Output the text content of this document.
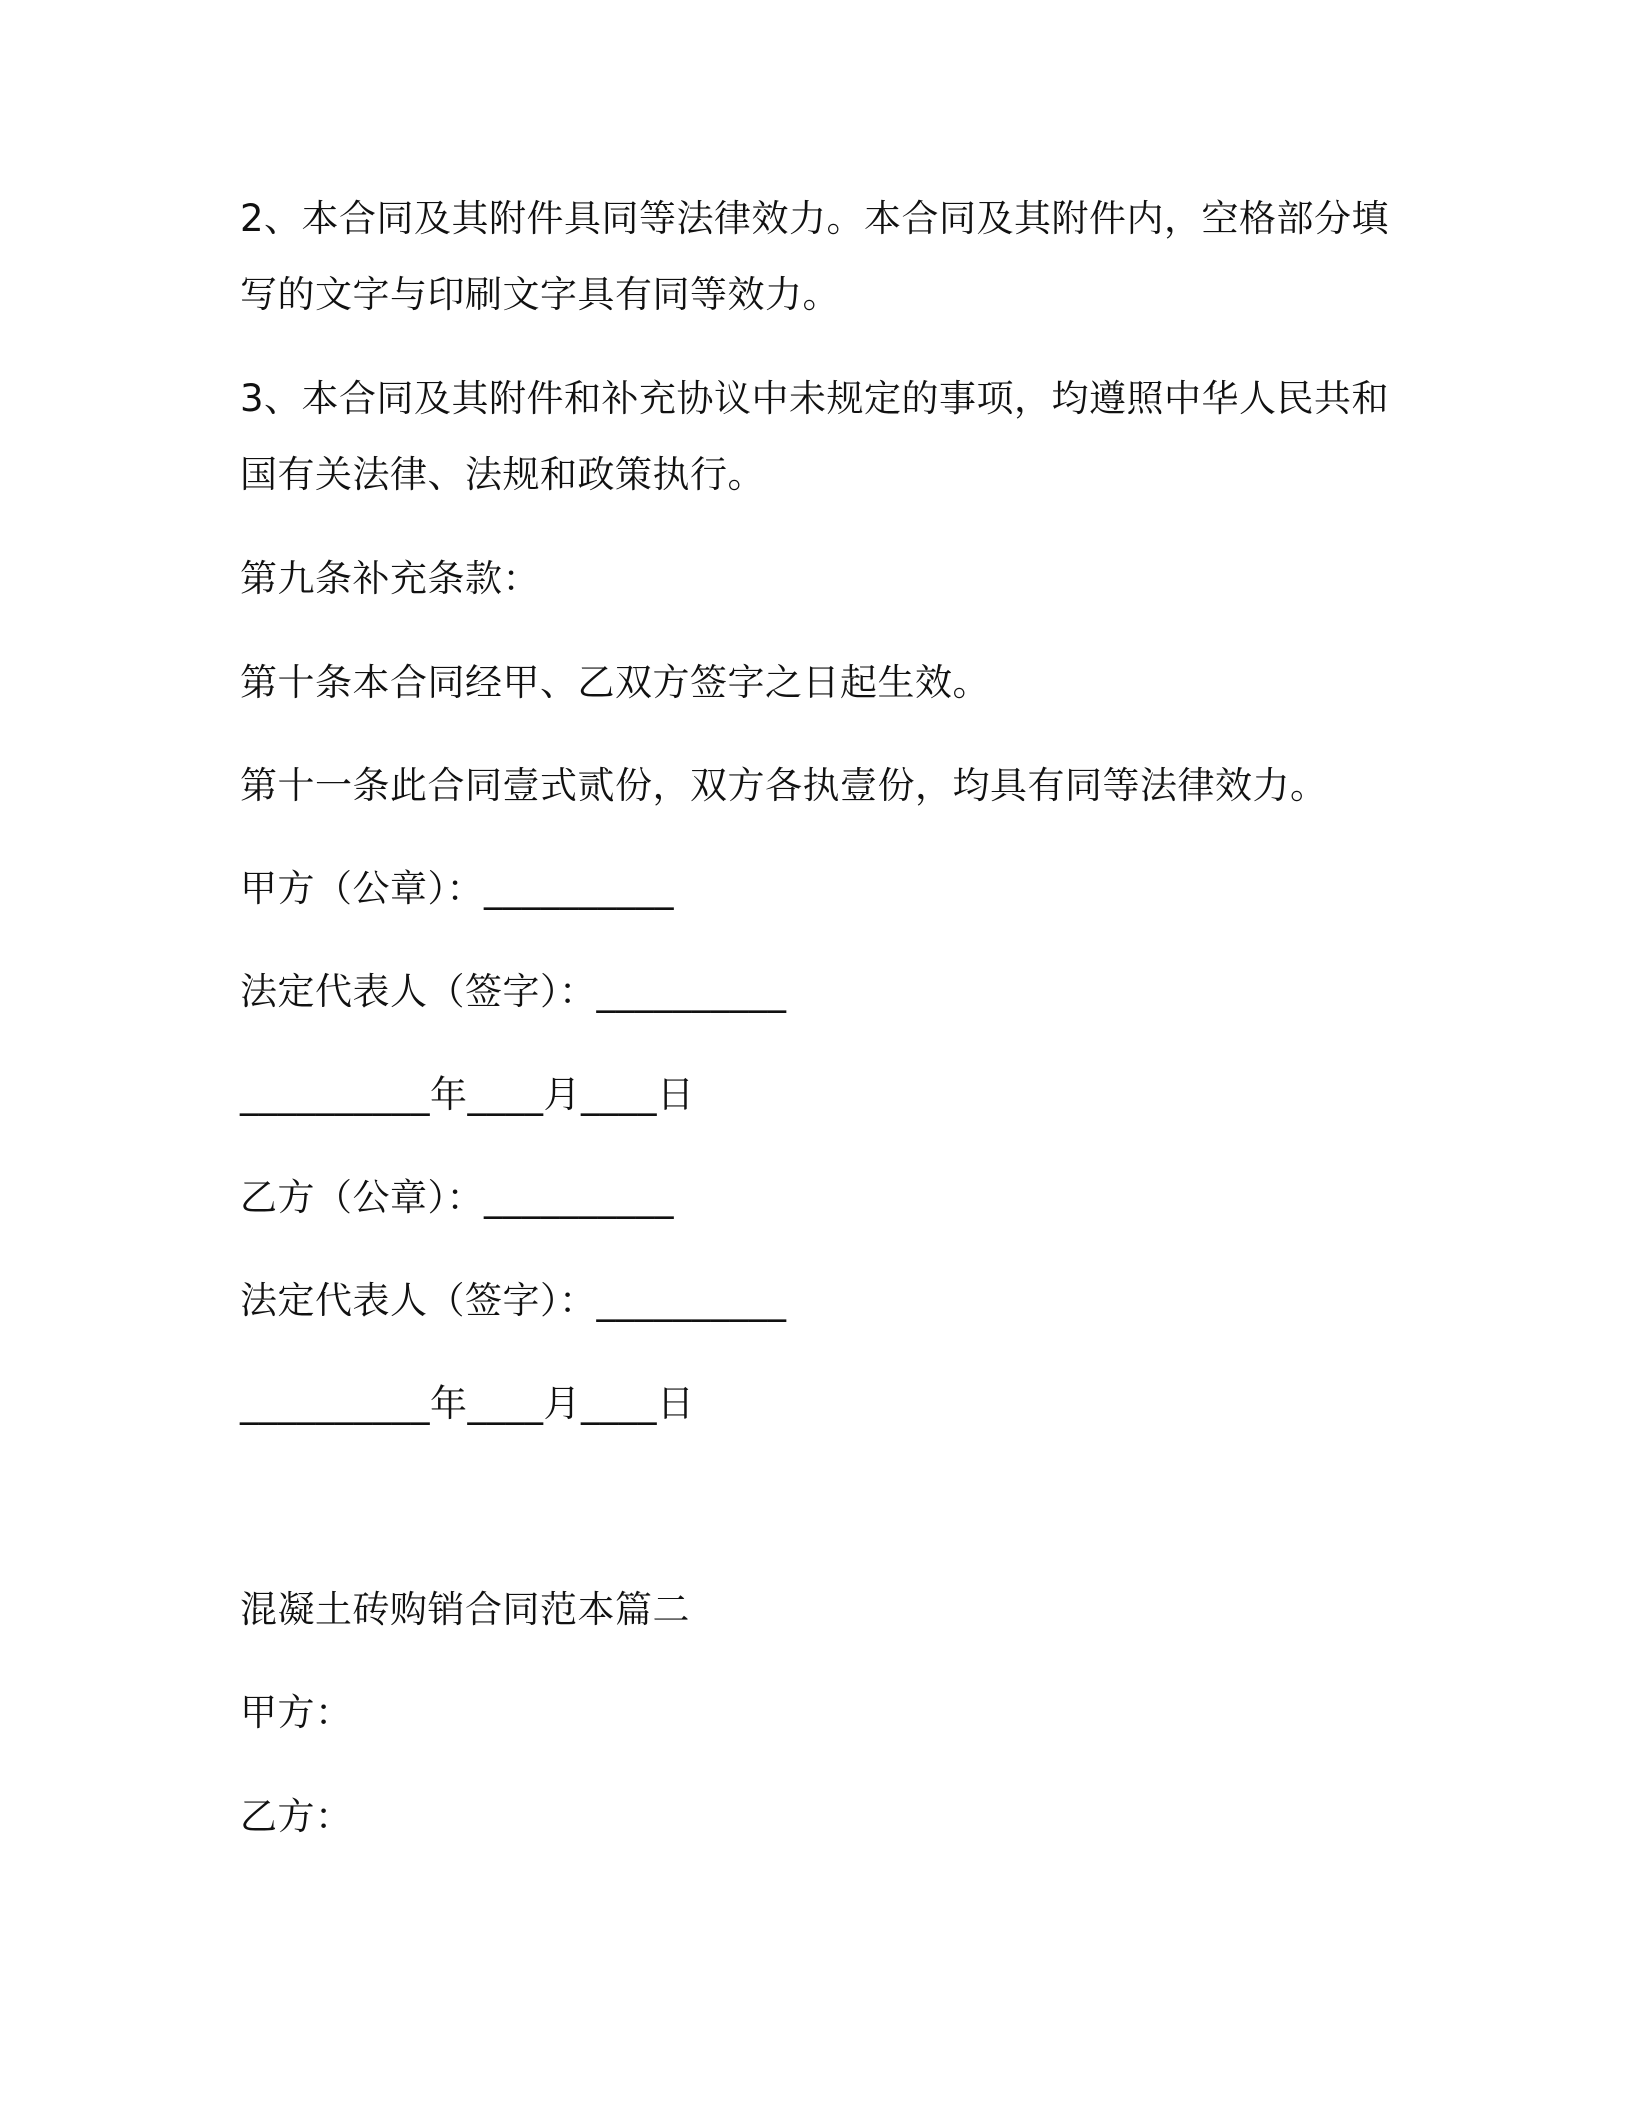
2、本合同及其附件具同等法律效力。本合同及其附件内，空格部分填

写的文字与印刷文字具有同等效力。

3、本合同及其附件和补充协议中未规定的事项，均遵照中华人民共和

国有关法律、法规和政策执行。

第九条补充条款：

第十条本合同经甲、乙双方签字之日起生效。

第十一条此合同壹式贰份，双方各执壹份，均具有同等法律效力。

甲方（公章）：__________

法定代表人（签字）：__________

__________年____月____日

乙方（公章）：__________

法定代表人（签字）：__________

__________年____月____日

混凝土砖购销合同范本篇二

甲方：

乙方：
